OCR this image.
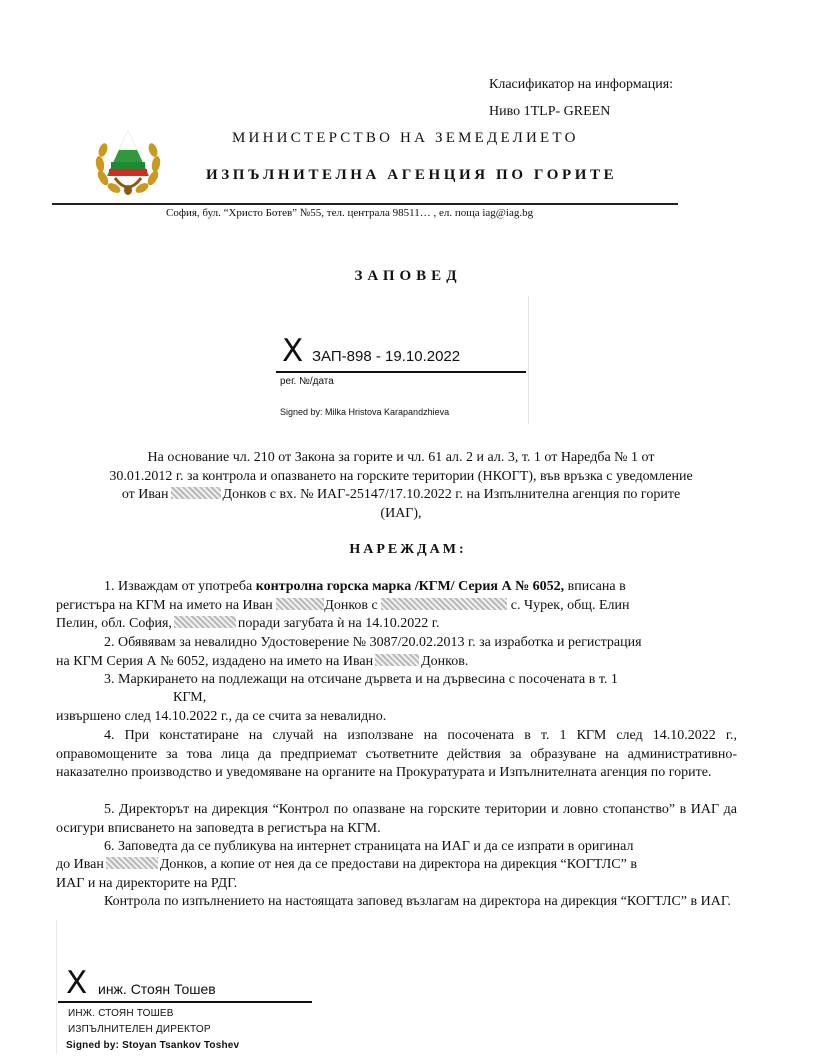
Класификатор на информация:
Ниво 1TLP- GREEN
МИНИСТЕРСТВО НА ЗЕМЕДЕЛИЕТО
ИЗПЪЛНИТЕЛНА АГЕНЦИЯ ПО ГОРИТЕ
София, бул. “Христо Ботев” №55, тел. централа 98511… , ел. поща iag@iag.bg
ЗАПОВЕД
X ЗАП-898 - 19.10.2022
рег. №/дата
Signed by: Milka Hristova Karapandzhieva
На основание чл. 210 от Закона за горите и чл. 61 ал. 2 и ал. 3, т. 1 от Наредба № 1 от
30.01.2012 г. за контрола и опазването на горските територии (НКОГТ), във връзка с уведомление
от Иван	Донков с вх. № ИАГ-25147/17.10.2022 г. на Изпълнителна агенция по горите
(ИАГ),
НАРЕЖДАМ:
1. Изваждам от употреба контролна горска марка /КГМ/ Серия А № 6052, вписана в
регистъра на КГМ на името на Иван	Донков с	с. Чурек, общ. Елин
Пелин, обл. София,	поради загубата ѝ на 14.10.2022 г.
2. Обявявам за невалидно Удостоверение № 3087/20.02.2013 г. за изработка и регистрация
на КГМ Серия А № 6052, издадено на името на Иван	Донков.
3. Маркирането на подлежащи на отсичане дървета и на дървесина с посочената в т. 1
КГМ,
извършено след 14.10.2022 г., да се счита за невалидно.
4. При констатиране на случай на използване на посочената в т. 1 КГМ след 14.10.2022 г., оправомощените за това лица да предприемат съответните действия за образуване на административно-наказателно производство и уведомяване на органите на Прокуратурата и Изпълнителната агенция по горите.
5. Директорът на дирекция “Контрол по опазване на горските територии и ловно стопанство” в ИАГ да осигури вписването на заповедта в регистъра на КГМ.
6. Заповедта да се публикува на интернет страницата на ИАГ и да се изпрати в оригинал
до Иван	Донков, а копие от нея да се предостави на директора на дирекция “КОГТЛС” в
ИАГ и на директорите на РДГ.
Контрола по изпълнението на настоящата заповед възлагам на директора на дирекция “КОГТЛС” в ИАГ.
X инж. Стоян Тошев
ИНЖ. СТОЯН ТОШЕВ
ИЗПЪЛНИТЕЛЕН ДИРЕКТОР
Signed by: Stoyan Tsankov Toshev
